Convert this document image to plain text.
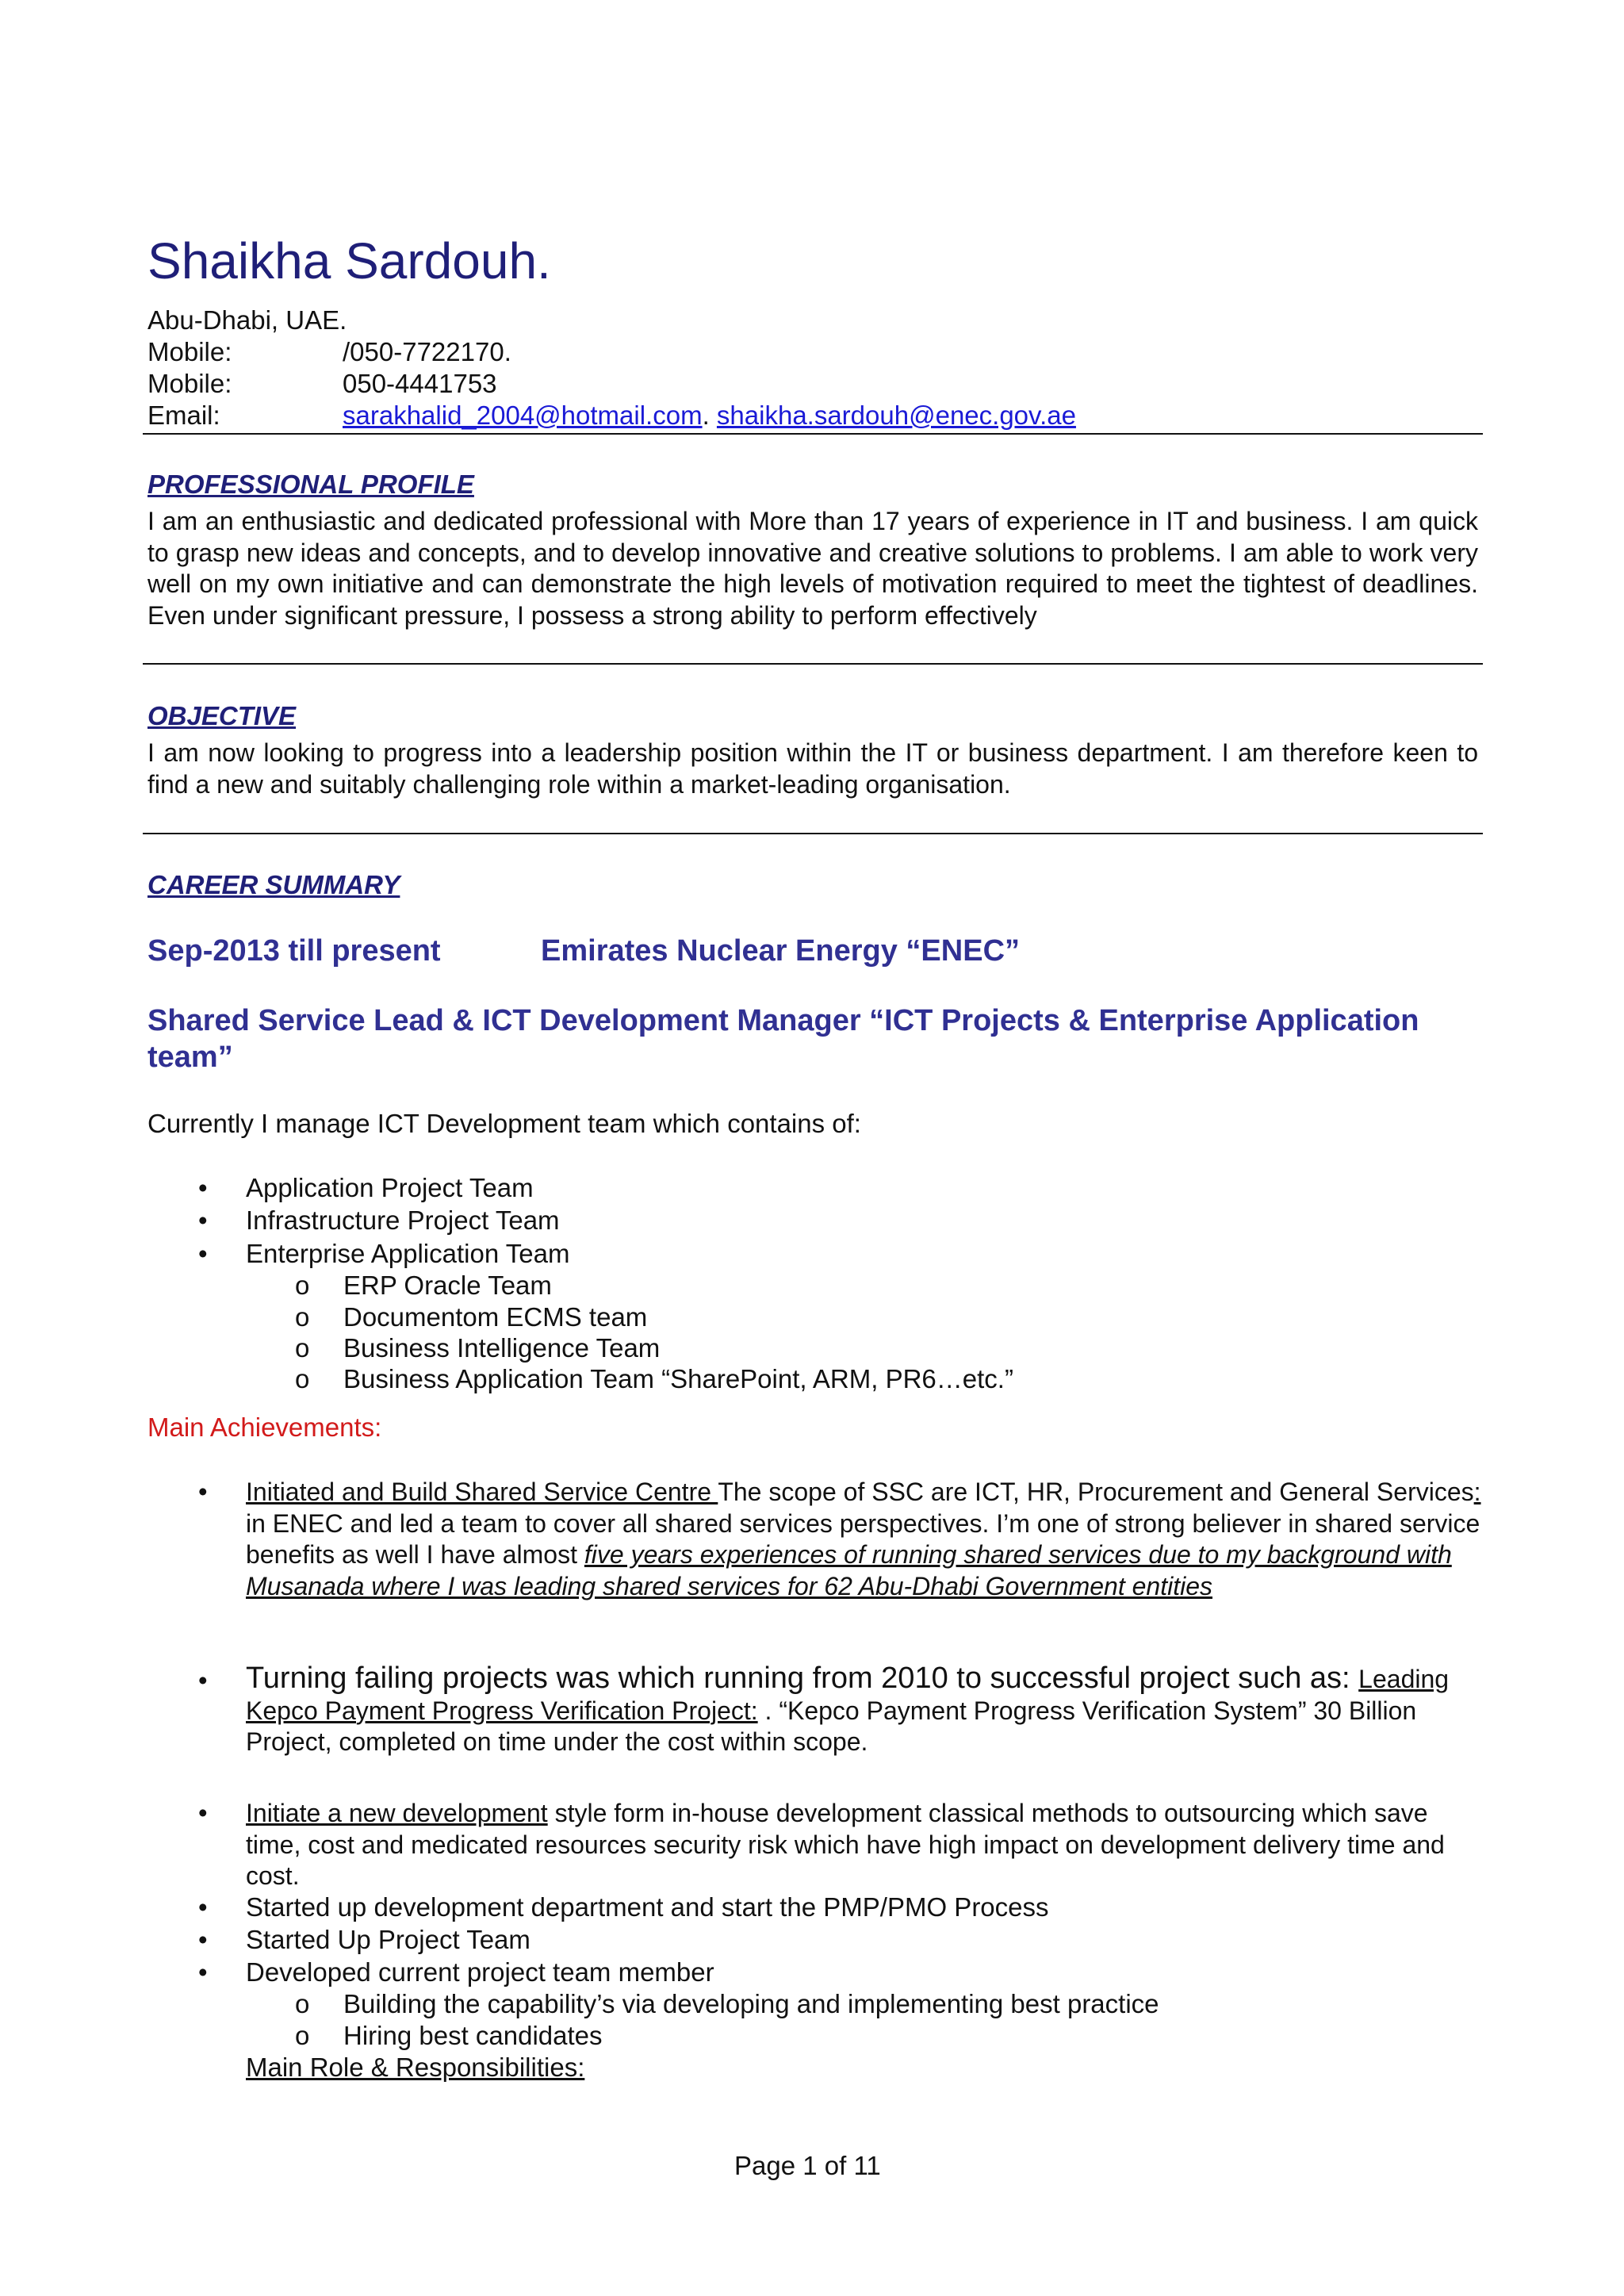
Shaikha Sardouh.
Abu-Dhabi, UAE.
Mobile:	/050-7722170.
Mobile:	050-4441753
Email:	sarakhalid_2004@hotmail.com. shaikha.sardouh@enec.gov.ae
PROFESSIONAL PROFILE
I am an enthusiastic and dedicated professional with More than 17 years of experience in IT and business. I am quick to grasp new ideas and concepts, and to develop innovative and creative solutions to problems. I am able to work very well on my own initiative and can demonstrate the high levels of motivation required to meet the tightest of deadlines. Even under significant pressure, I possess a strong ability to perform effectively
OBJECTIVE
I am now looking to progress into a leadership position within the IT or business department. I am therefore keen to find a new and suitably challenging role within a market-leading organisation.
CAREER SUMMARY
Sep-2013 till present	Emirates Nuclear Energy “ENEC”
Shared Service Lead & ICT Development Manager “ICT Projects & Enterprise Application team”
Currently I manage ICT Development team which contains of:
• Application Project Team
• Infrastructure Project Team
• Enterprise Application Team
o ERP Oracle Team
o Documentom ECMS team
o Business Intelligence Team
o Business Application Team “SharePoint, ARM, PR6…etc.”
Main Achievements:
• Initiated and Build Shared Service Centre The scope of SSC are ICT, HR, Procurement and General Services: in ENEC and led a team to cover all shared services perspectives. I’m one of strong believer in shared service benefits as well I have almost five years experiences of running shared services due to my background with Musanada where I was leading shared services for 62 Abu-Dhabi Government entities
• Turning failing projects was which running from 2010 to successful project such as: Leading Kepco Payment Progress Verification Project: . “Kepco Payment Progress Verification System” 30 Billion Project, completed on time under the cost within scope.
• Initiate a new development style form in-house development classical methods to outsourcing which save time, cost and medicated resources security risk which have high impact on development delivery time and cost.
• Started up development department and start the PMP/PMO Process
• Started Up Project Team
• Developed current project team member
o Building the capability’s via developing and implementing best practice
o Hiring best candidates
Main Role & Responsibilities:
Page 1 of 11
